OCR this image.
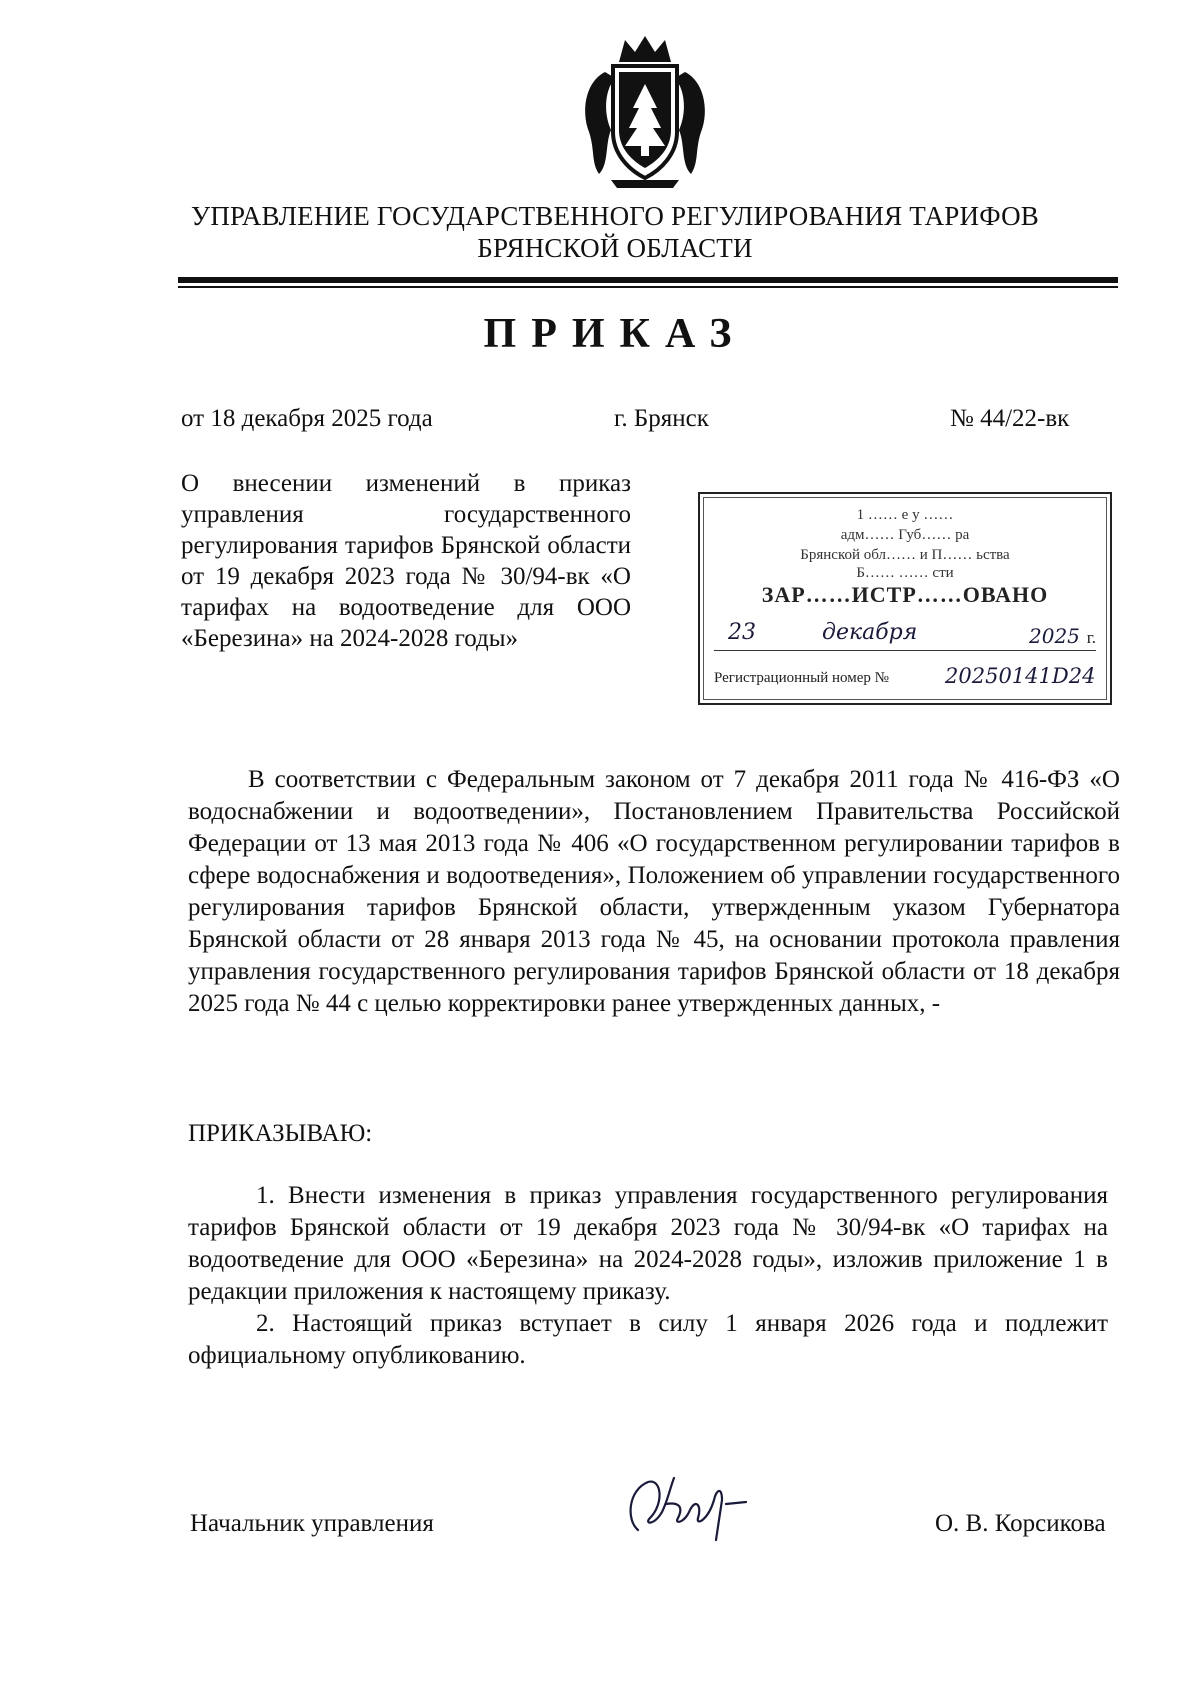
УПРАВЛЕНИЕ ГОСУДАРСТВЕННОГО РЕГУЛИРОВАНИЯ ТАРИФОВ
БРЯНСКОЙ ОБЛАСТИ
ПРИКАЗ
от 18 декабря 2025 года	г. Брянск	№ 44/22-вк
О внесении изменений в приказ управления государственного регулирования тарифов Брянской области от 19 декабря 2023 года № 30/94-вк «О тарифах на водоотведение для ООО «Березина» на 2024-2028 годы»
1 …… е у ……
адм…… Губ…… ра
Брянской обл…… и П…… ьства
Б…… …… сти
ЗАР……ИСТР……ОВАНО
23	декабря	2025 г.
Регистрационный номер №	20250141D24

В соответствии с Федеральным законом от 7 декабря 2011 года № 416-ФЗ «О водоснабжении и водоотведении», Постановлением Правительства Российской Федерации от 13 мая 2013 года № 406 «О государственном регулировании тарифов в сфере водоснабжения и водоотведения», Положением об управлении государственного регулирования тарифов Брянской области, утвержденным указом Губернатора Брянской области от 28 января 2013 года № 45, на основании протокола правления управления государственного регулирования тарифов Брянской области от 18 декабря 2025 года № 44 с целью корректировки ранее утвержденных данных, -

ПРИКАЗЫВАЮ:

1. Внести изменения в приказ управления государственного регулирования тарифов Брянской области от 19 декабря 2023 года № 30/94-вк «О тарифах на водоотведение для ООО «Березина» на 2024-2028 годы», изложив приложение 1 в редакции приложения к настоящему приказу.

2. Настоящий приказ вступает в силу 1 января 2026 года и подлежит официальному опубликованию.

Начальник управления	О. В. Корсикова
